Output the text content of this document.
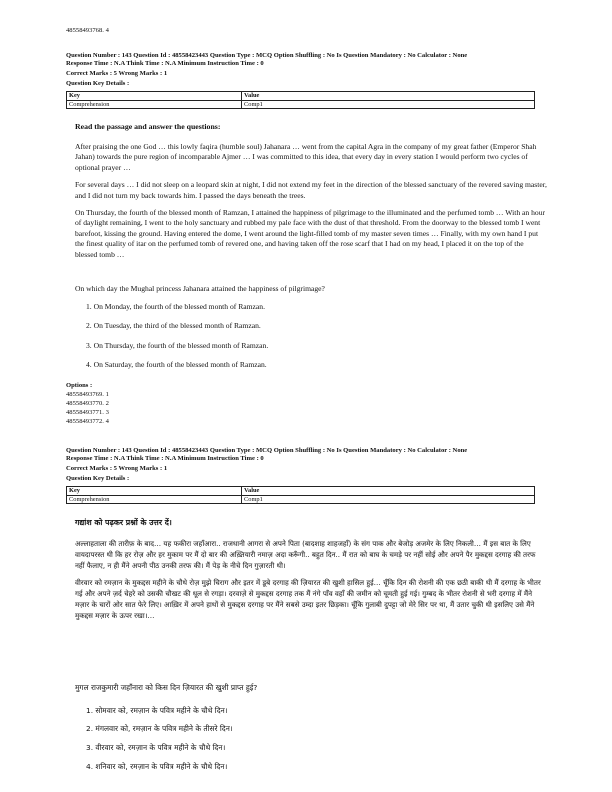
48558493768. 4
Question Number : 143 Question Id : 48558423443 Question Type : MCQ Option Shuffling : No Is Question Mandatory : No Calculator : None
Response Time : N.A Think Time : N.A Minimum Instruction Time : 0
Correct Marks : 5 Wrong Marks : 1
Question Key Details :
Key	Value
Comprehension	Comp1
Read the passage and answer the questions:

After praising the one God … this lowly faqira (humble soul) Jahanara … went from the capital Agra in the company of my great father (Emperor Shah Jahan) towards the pure region of incomparable Ajmer … I was committed to this idea, that every day in every station I would perform two cycles of optional prayer …

For several days … I did not sleep on a leopard skin at night, I did not extend my feet in the direction of the blessed sanctuary of the revered saving master, and I did not turn my back towards him. I passed the days beneath the trees.

On Thursday, the fourth of the blessed month of Ramzan, I attained the happiness of pilgrimage to the illuminated and the perfumed tomb … With an hour of daylight remaining, I went to the holy sanctuary and rubbed my pale face with the dust of that threshold. From the doorway to the blessed tomb I went barefoot, kissing the ground. Having entered the dome, I went around the light-filled tomb of my master seven times … Finally, with my own hand I put the finest quality of itar on the perfumed tomb of revered one, and having taken off the rose scarf that I had on my head, I placed it on the top of the blessed tomb …

On which day the Mughal princess Jahanara attained the happiness of pilgrimage?
1. On Monday, the fourth of the blessed month of Ramzan.
2. On Tuesday, the third of the blessed month of Ramzan.
3. On Thursday, the fourth of the blessed month of Ramzan.
4. On Saturday, the fourth of the blessed month of Ramzan.
Options :
48558493769. 1
48558493770. 2
48558493771. 3
48558493772. 4
Question Number : 143 Question Id : 48558423443 Question Type : MCQ Option Shuffling : No Is Question Mandatory : No Calculator : None
Response Time : N.A Think Time : N.A Minimum Instruction Time : 0
Correct Marks : 5 Wrong Marks : 1
Question Key Details :
Key	Value
Comprehension	Comp1
गद्यांश को पढ़कर प्रश्नों के उत्तर दें।

अल्लाहताला की तारीफ़ के बाद… यह फकीरा जहाँआरा.. राजधानी आगरा से अपने पिता (बादशाह शाहजहाँ) के संग पाक और बेजोड़ अजमेर के लिए निकली… मैं इस बात के लिए वायदापरस्त थी कि हर रोज़ और हर मुकाम पर मैं दो बार की अख़्तियारी नमाज़ अदा करूँगी.. बहुत दिन.. मैं रात को बाघ के चमड़े पर नहीं सोई और अपने पैर मुकद्दस दरगाह की तरफ नहीं फैलाए, न ही मैंने अपनी पीठ उनकी तरफ की। मैं पेड़ के नीचे दिन गुज़ारती थी।

वीरवार को रमज़ान के मुकद्दस महीने के चौथे रोज़ मुझे चिराग और इतर में डूबे दरगाह की ज़ियारत की खुशी हासिल हुई… चूँकि दिन की रोशनी की एक छठी बाकी थी मैं दरगाह के भीतर गई और अपने ज़र्द चेहरे को उसकी चौखट की धूल से रगड़ा। दरवाज़े से मुकद्दस दरगाह तक मैं नंगे पाँव वहाँ की जमीन को चूमती हुई गई। गुम्बद के भीतर रोशनी से भरी दरगाह में मैंने मज़ार के चारों ओर सात फेरे लिए। आख़िर में अपने हाथों से मुकद्दस दरगाह पर मैंने सबसे उम्दा इतर छिड़का। चूँकि गुलाबी दुपट्टा जो मेरे सिर पर था, मैं उतार चुकी थी इसलिए उसे मैंने मुकद्दस मज़ार के ऊपर रखा।…

मुगल राजकुमारी जहाँनारा को किस दिन ज़ियारत की खुशी प्राप्त हुई?
1. सोमवार को, रमज़ान के पवित्र महीने के चौथे दिन।
2. मंगलवार को, रमज़ान के पवित्र महीने के तीसरे दिन।
3. वीरवार को, रमज़ान के पवित्र महीने के चौथे दिन।
4. शनिवार को, रमज़ान के पवित्र महीने के चौथे दिन।
